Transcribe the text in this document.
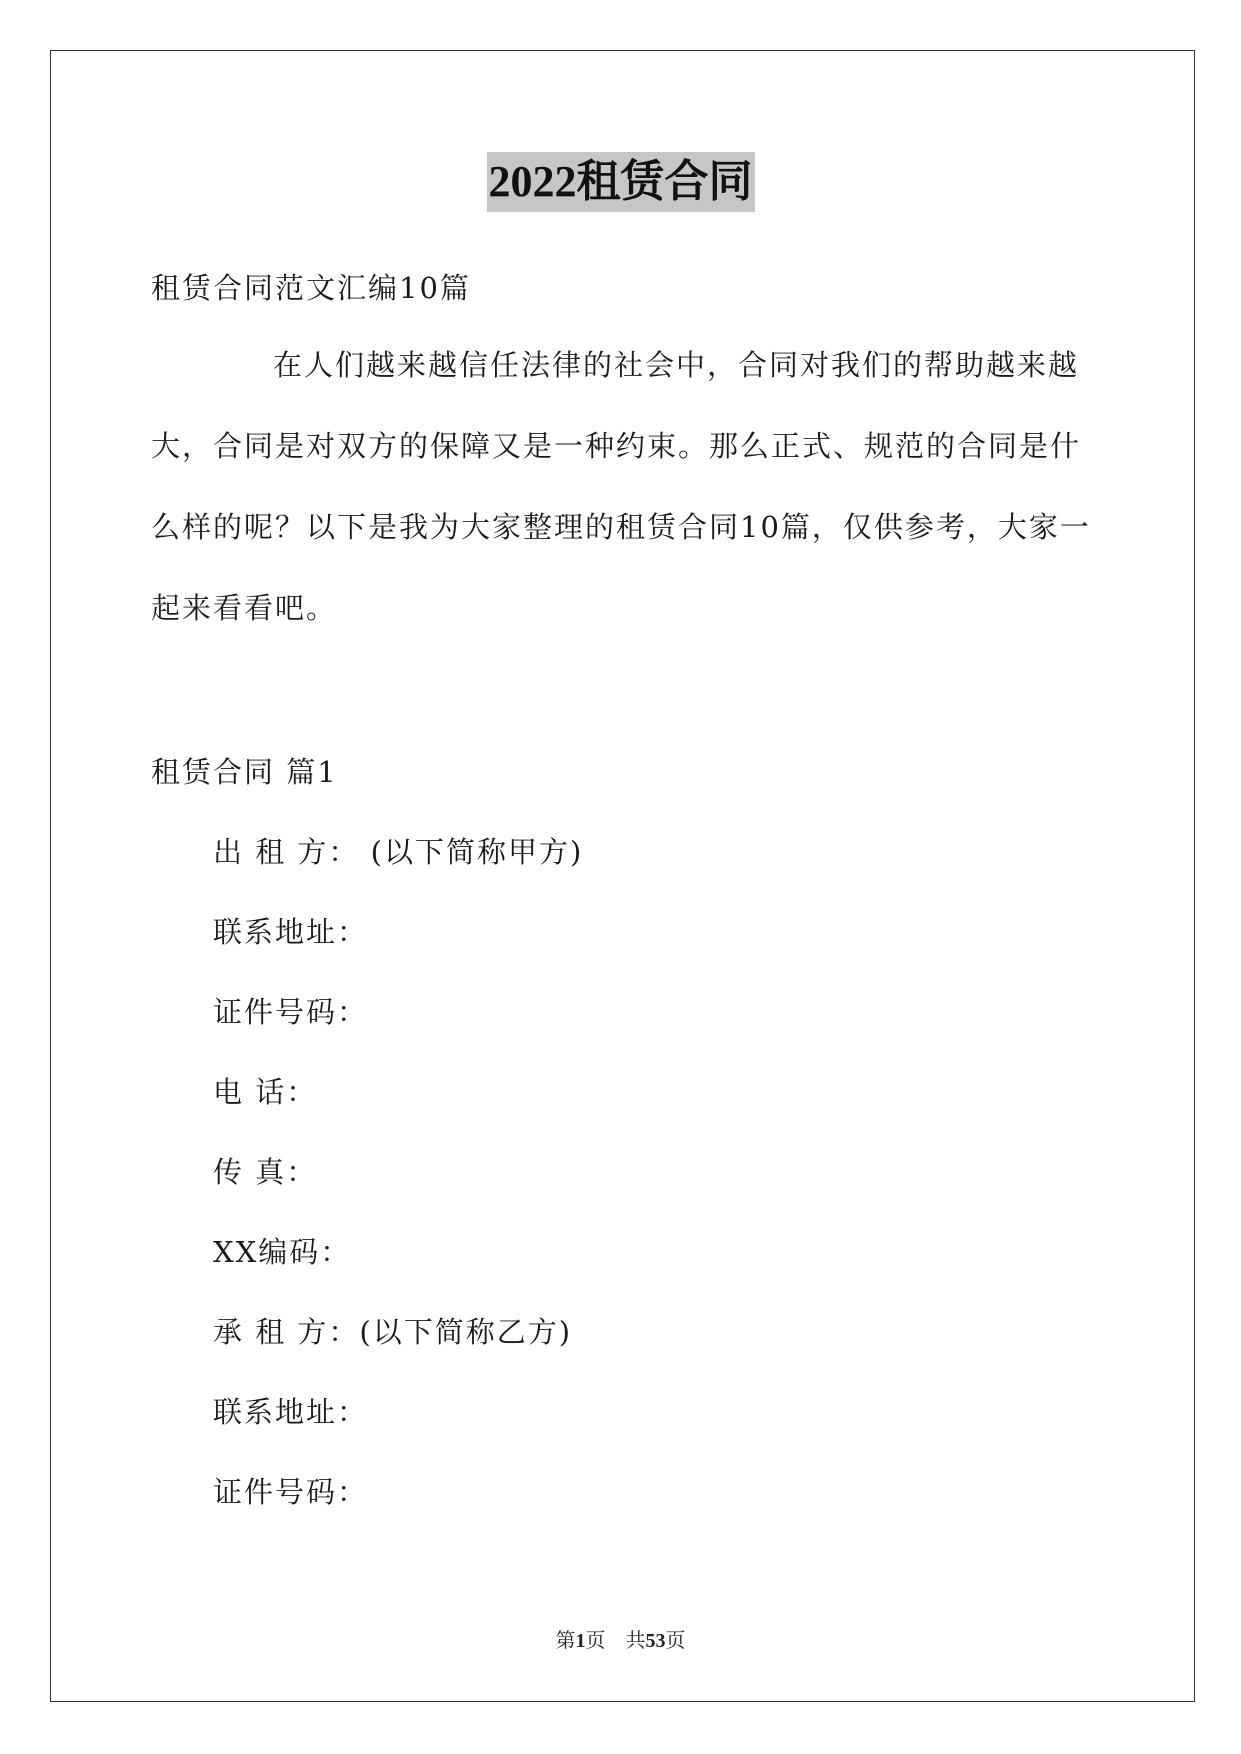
2022租赁合同
租赁合同范文汇编10篇
在人们越来越信任法律的社会中，合同对我们的帮助越来越
大，合同是对双方的保障又是一种约束。那么正式、规范的合同是什
么样的呢？以下是我为大家整理的租赁合同10篇，仅供参考，大家一
起来看看吧。
租赁合同 篇1
出 租 方： (以下简称甲方)
联系地址：
证件号码：
电 话：
传 真：
XX编码：
承 租 方：(以下简称乙方)
联系地址：
证件号码：
第1页    共53页
